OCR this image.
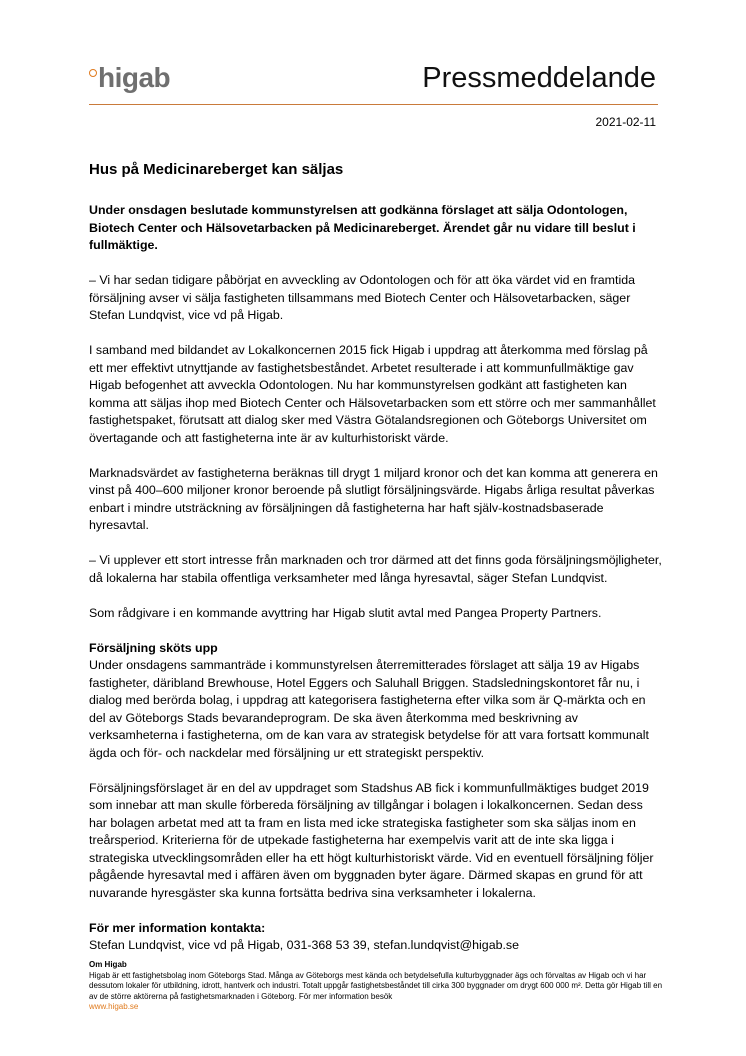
higab	Pressmeddelande
2021-02-11

Hus på Medicinareberget kan säljas

Under onsdagen beslutade kommunstyrelsen att godkänna förslaget att sälja Odontologen, Biotech Center och Hälsovetarbacken på Medicinareberget. Ärendet går nu vidare till beslut i fullmäktige.

– Vi har sedan tidigare påbörjat en avveckling av Odontologen och för att öka värdet vid en framtida försäljning avser vi sälja fastigheten tillsammans med Biotech Center och Hälsovetarbacken, säger Stefan Lundqvist, vice vd på Higab.

I samband med bildandet av Lokalkoncernen 2015 fick Higab i uppdrag att återkomma med förslag på ett mer effektivt utnyttjande av fastighetsbeståndet. Arbetet resulterade i att kommunfullmäktige gav Higab befogenhet att avveckla Odontologen. Nu har kommunstyrelsen godkänt att fastigheten kan komma att säljas ihop med Biotech Center och Hälsovetarbacken som ett större och mer sammanhållet fastighetspaket, förutsatt att dialog sker med Västra Götalandsregionen och Göteborgs Universitet om övertagande och att fastigheterna inte är av kulturhistoriskt värde.

Marknadsvärdet av fastigheterna beräknas till drygt 1 miljard kronor och det kan komma att generera en vinst på 400–600 miljoner kronor beroende på slutligt försäljningsvärde. Higabs årliga resultat påverkas enbart i mindre utsträckning av försäljningen då fastigheterna har haft själv-kostnadsbaserade hyresavtal.

– Vi upplever ett stort intresse från marknaden och tror därmed att det finns goda försäljningsmöjligheter, då lokalerna har stabila offentliga verksamheter med långa hyresavtal, säger Stefan Lundqvist.

Som rådgivare i en kommande avyttring har Higab slutit avtal med Pangea Property Partners.

Försäljning sköts upp

Under onsdagens sammanträde i kommunstyrelsen återremitterades förslaget att sälja 19 av Higabs fastigheter, däribland Brewhouse, Hotel Eggers och Saluhall Briggen. Stadsledningskontoret får nu, i dialog med berörda bolag, i uppdrag att kategorisera fastigheterna efter vilka som är Q-märkta och en del av Göteborgs Stads bevarandeprogram. De ska även återkomma med beskrivning av verksamheterna i fastigheterna, om de kan vara av strategisk betydelse för att vara fortsatt kommunalt ägda och för- och nackdelar med försäljning ur ett strategiskt perspektiv.

Försäljningsförslaget är en del av uppdraget som Stadshus AB fick i kommunfullmäktiges budget 2019 som innebar att man skulle förbereda försäljning av tillgångar i bolagen i lokalkoncernen. Sedan dess har bolagen arbetat med att ta fram en lista med icke strategiska fastigheter som ska säljas inom en treårsperiod. Kriterierna för de utpekade fastigheterna har exempelvis varit att de inte ska ligga i strategiska utvecklingsområden eller ha ett högt kulturhistoriskt värde. Vid en eventuell försäljning följer pågående hyresavtal med i affären även om byggnaden byter ägare. Därmed skapas en grund för att nuvarande hyresgäster ska kunna fortsätta bedriva sina verksamheter i lokalerna.

För mer information kontakta:

Stefan Lundqvist, vice vd på Higab, 031-368 53 39, stefan.lundqvist@higab.se

Om Higab
Higab är ett fastighetsbolag inom Göteborgs Stad. Många av Göteborgs mest kända och betydelsefulla kulturbyggnader ägs och förvaltas av Higab och vi har dessutom lokaler för utbildning, idrott, hantverk och industri. Totalt uppgår fastighetsbeståndet till cirka 300 byggnader om drygt 600 000 m². Detta gör Higab till en av de större aktörerna på fastighetsmarknaden i Göteborg. För mer information besök
www.higab.se
